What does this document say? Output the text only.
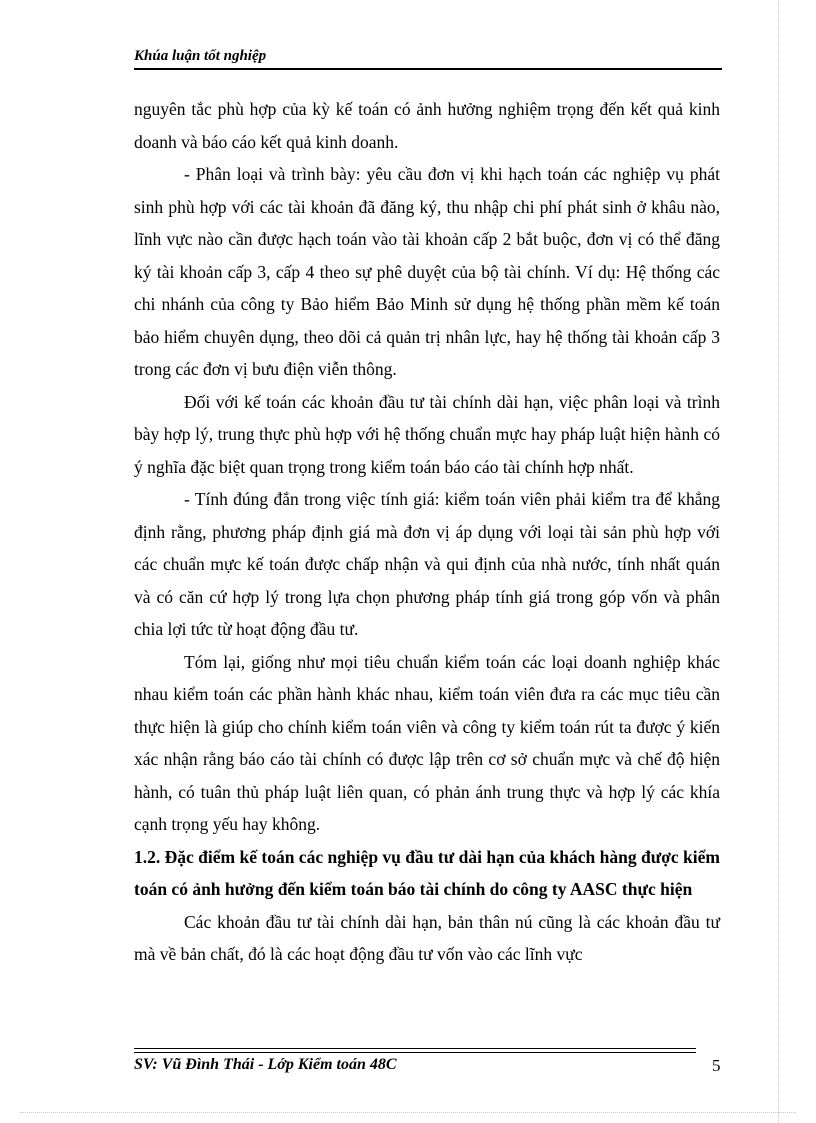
Khúa luận tốt nghiệp

nguyên tắc phù hợp của kỳ kế toán có ảnh hưởng nghiệm trọng đến kết quả kinh doanh và báo cáo kết quả kinh doanh.

- Phân loại và trình bày: yêu cầu đơn vị khi hạch toán các nghiệp vụ phát sinh phù hợp với các tài khoản đã đăng ký, thu nhập chi phí phát sinh ở khâu nào, lĩnh vực nào cần được hạch toán vào tài khoản cấp 2 bắt buộc, đơn vị có thể đăng ký tài khoản cấp 3, cấp 4 theo sự phê duyệt của bộ tài chính. Ví dụ: Hệ thống các chi nhánh của công ty Bảo hiểm Bảo Minh sử dụng hệ thống phần mềm kế toán bảo hiểm chuyên dụng, theo dõi cả quản trị nhân lực, hay hệ thống tài khoản cấp 3 trong các đơn vị bưu điện viễn thông.

Đối với kế toán các khoản đầu tư tài chính dài hạn, việc phân loại và trình bày hợp lý, trung thực phù hợp với hệ thống chuẩn mực hay pháp luật hiện hành có ý nghĩa đặc biệt quan trọng trong kiểm toán báo cáo tài chính hợp nhất.

- Tính đúng đắn trong việc tính giá: kiểm toán viên phải kiểm tra để khẳng định rằng, phương pháp định giá mà đơn vị áp dụng với loại tài sản phù hợp với các chuẩn mực kế toán được chấp nhận và qui định của nhà nước, tính nhất quán và có căn cứ hợp lý trong lựa chọn phương pháp tính giá trong góp vốn và phân chia lợi tức từ hoạt động đầu tư.

Tóm lại, giống như mọi tiêu chuẩn kiểm toán các loại doanh nghiệp khác nhau kiểm toán các phần hành khác nhau, kiểm toán viên đưa ra các mục tiêu cần thực hiện là giúp cho chính kiểm toán viên và công ty kiểm toán rút ta được ý kiến xác nhận rằng báo cáo tài chính có được lập trên cơ sở chuẩn mực và chế độ hiện hành, có tuân thủ pháp luật liên quan, có phản ánh trung thực và hợp lý các khía cạnh trọng yếu hay không.

1.2. Đặc điểm kế toán các nghiệp vụ đầu tư dài hạn của khách hàng được kiểm toán có ảnh hưởng đến kiểm toán báo tài chính do công ty AASC thực hiện

Các khoản đầu tư tài chính dài hạn, bản thân nú cũng là các khoản đầu tư mà về bản chất, đó là các hoạt động đầu tư vốn vào các lĩnh vực

SV: Vũ Đình Thái - Lớp Kiểm toán 48C	5
